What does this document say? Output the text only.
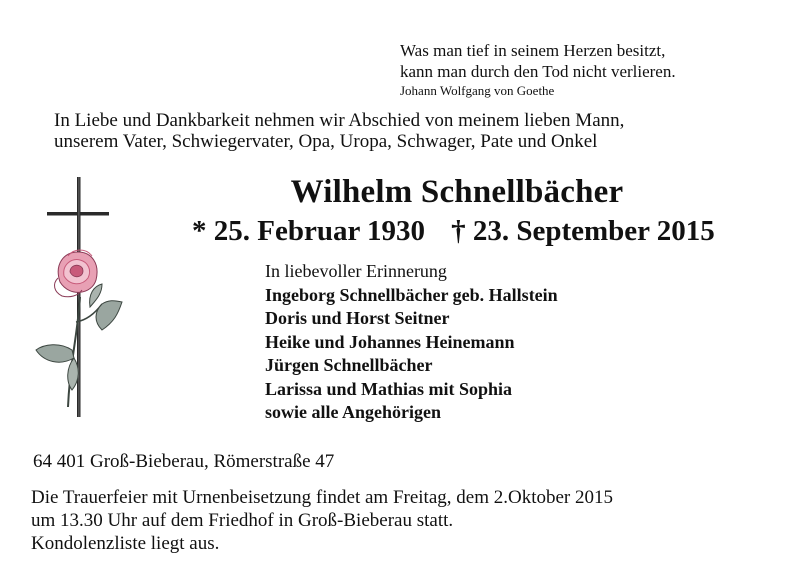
Was man tief in seinem Herzen besitzt,
kann man durch den Tod nicht verlieren.
Johann Wolfgang von Goethe
In Liebe und Dankbarkeit nehmen wir Abschied von meinem lieben Mann,
unserem Vater, Schwiegervater, Opa, Uropa, Schwager, Pate und Onkel
Wilhelm Schnellbächer
* 25. Februar 1930 † 23. September 2015
In liebevoller Erinnerung
Ingeborg Schnellbächer geb. Hallstein
Doris und Horst Seitner
Heike und Johannes Heinemann
Jürgen Schnellbächer
Larissa und Mathias mit Sophia
sowie alle Angehörigen
64 401 Groß-Bieberau, Römerstraße 47
Die Trauerfeier mit Urnenbeisetzung findet am Freitag, dem 2.Oktober 2015
um 13.30 Uhr auf dem Friedhof in Groß-Bieberau statt.
Kondolenzliste liegt aus.
